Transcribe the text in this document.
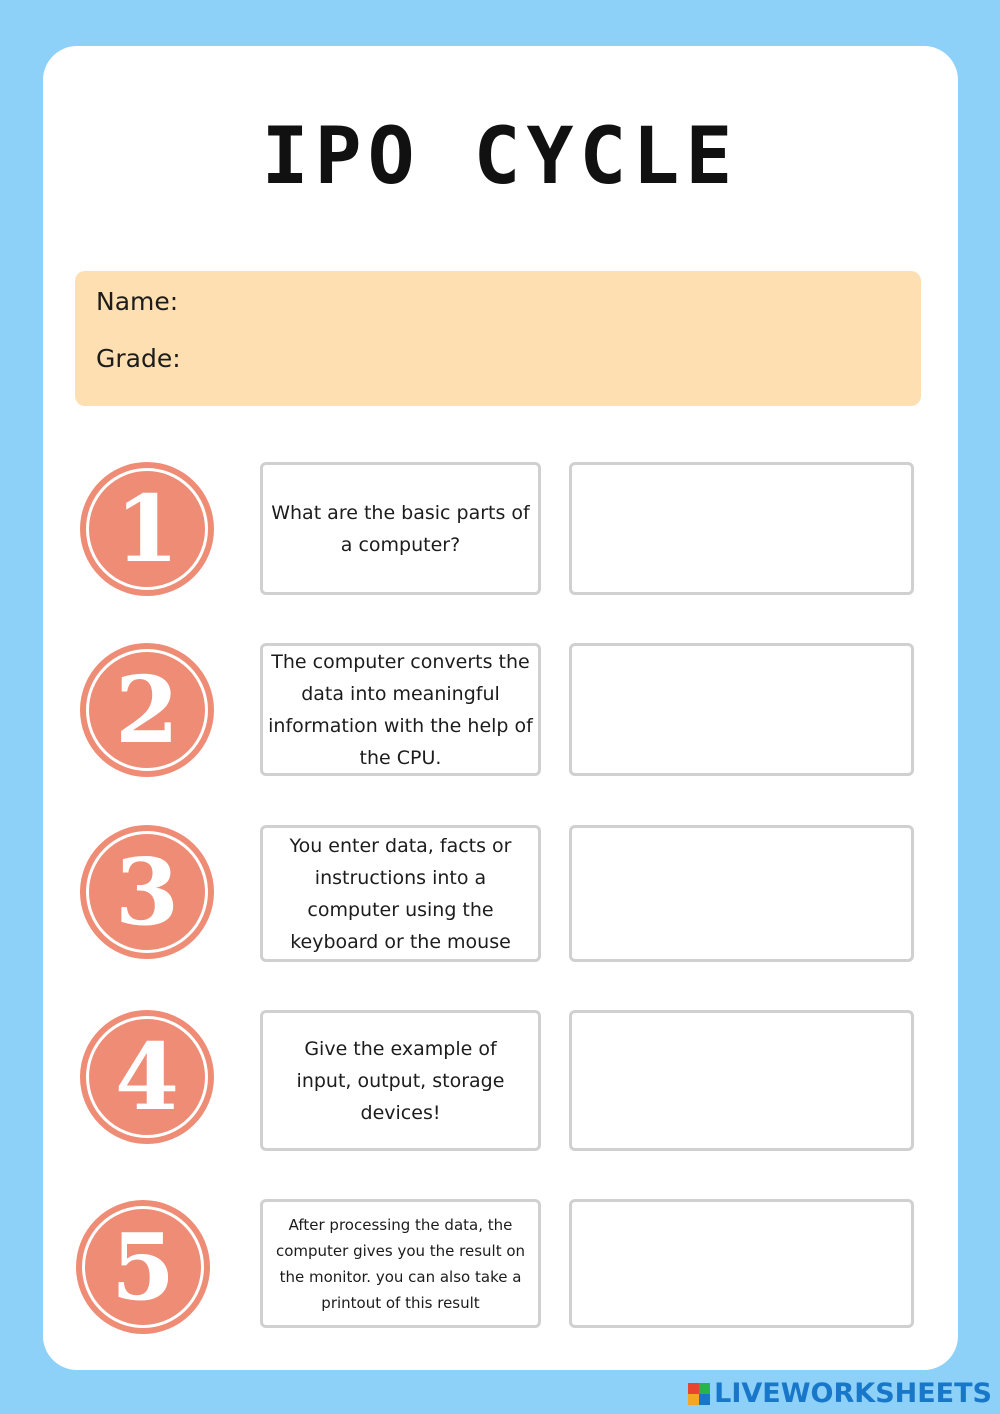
IPO CYCLE
Name:
Grade:
1	What are the basic parts of a computer?
2	The computer converts the data into meaningful information with the help of the CPU.
3	You enter data, facts or instructions into a computer using the keyboard or the mouse
4	Give the example of input, output, storage devices!
5	After processing the data, the computer gives you the result on the monitor. you can also take a printout of this result
LIVEWORKSHEETS
